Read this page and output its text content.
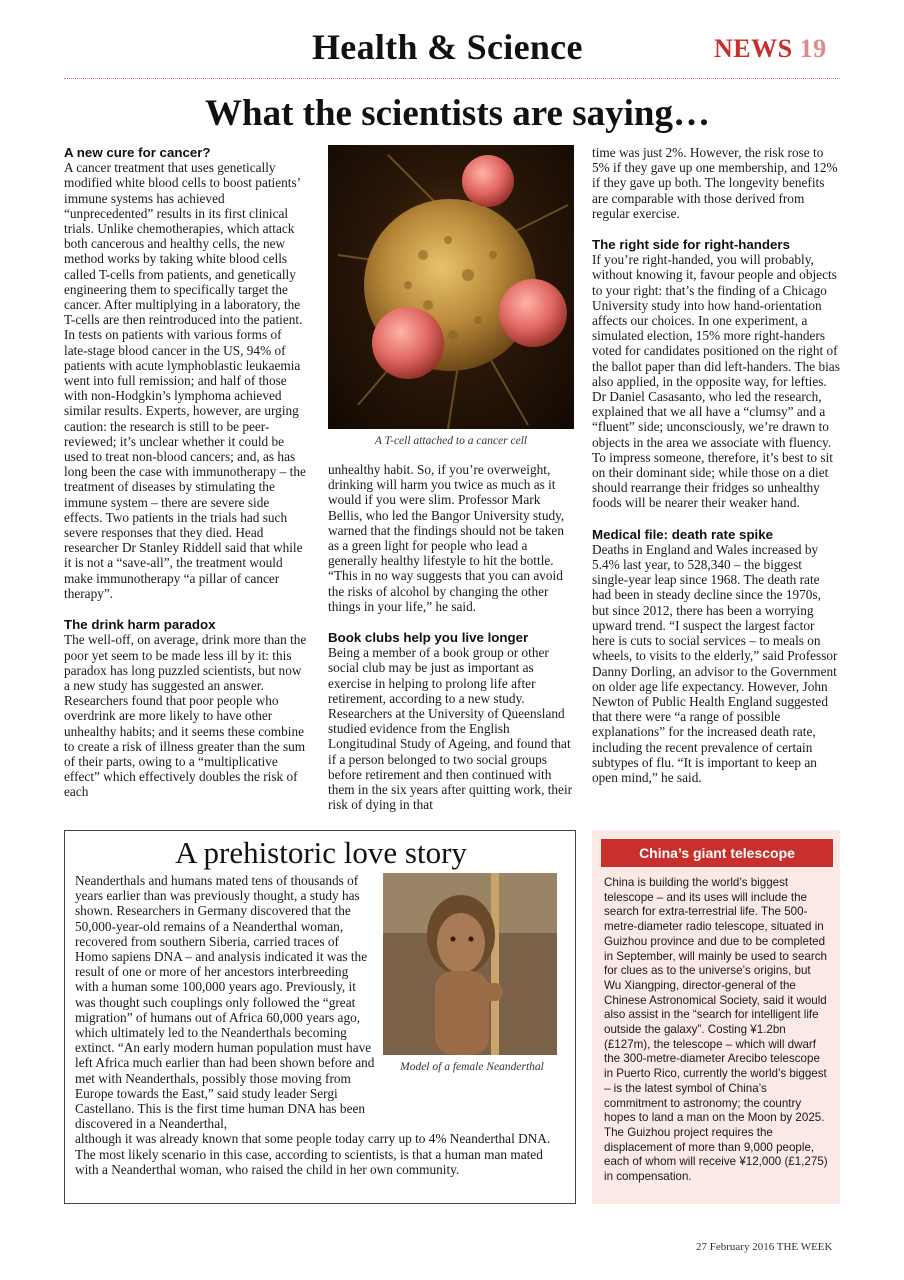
Health & Science	NEWS 19
What the scientists are saying…
A new cure for cancer?

A cancer treatment that uses genetically modified white blood cells to boost patients’ immune systems has achieved “unprecedented” results in its first clinical trials. Unlike chemotherapies, which attack both cancerous and healthy cells, the new method works by taking white blood cells called T-cells from patients, and genetically engineering them to specifically target the cancer. After multiplying in a laboratory, the T-cells are then reintroduced into the patient. In tests on patients with various forms of late-stage blood cancer in the US, 94% of patients with acute lymphoblastic leukaemia went into full remission; and half of those with non-Hodgkin’s lymphoma achieved similar results. Experts, however, are urging caution: the research is still to be peer-reviewed; it’s unclear whether it could be used to treat non-blood cancers; and, as has long been the case with immunotherapy – the treatment of diseases by stimulating the immune system – there are severe side effects. Two patients in the trials had such severe responses that they died. Head researcher Dr Stanley Riddell said that while it is not a “save-all”, the treatment would make immunotherapy “a pillar of cancer therapy”.

The drink harm paradox

The well-off, on average, drink more than the poor yet seem to be made less ill by it: this paradox has long puzzled scientists, but now a new study has suggested an answer. Researchers found that poor people who overdrink are more likely to have other unhealthy habits; and it seems these combine to create a risk of illness greater than the sum of their parts, owing to a “multiplicative effect” which effectively doubles the risk of each

A T-cell attached to a cancer cell

unhealthy habit. So, if you’re overweight, drinking will harm you twice as much as it would if you were slim. Professor Mark Bellis, who led the Bangor University study, warned that the findings should not be taken as a green light for people who lead a generally healthy lifestyle to hit the bottle. “This in no way suggests that you can avoid the risks of alcohol by changing the other things in your life,” he said.

Book clubs help you live longer

Being a member of a book group or other social club may be just as important as exercise in helping to prolong life after retirement, according to a new study. Researchers at the University of Queensland studied evidence from the English Longitudinal Study of Ageing, and found that if a person belonged to two social groups before retirement and then continued with them in the six years after quitting work, their risk of dying in that

time was just 2%. However, the risk rose to 5% if they gave up one membership, and 12% if they gave up both. The longevity benefits are comparable with those derived from regular exercise.

The right side for right-handers

If you’re right-handed, you will probably, without knowing it, favour people and objects to your right: that’s the finding of a Chicago University study into how hand-orientation affects our choices. In one experiment, a simulated election, 15% more right-handers voted for candidates positioned on the right of the ballot paper than did left-handers. The bias also applied, in the opposite way, for lefties. Dr Daniel Casasanto, who led the research, explained that we all have a “clumsy” and a “fluent” side; unconsciously, we’re drawn to objects in the area we associate with fluency. To impress someone, therefore, it’s best to sit on their dominant side; while those on a diet should rearrange their fridges so unhealthy foods will be nearer their weaker hand.

Medical file: death rate spike

Deaths in England and Wales increased by 5.4% last year, to 528,340 – the biggest single-year leap since 1968. The death rate had been in steady decline since the 1970s, but since 2012, there has been a worrying upward trend. “I suspect the largest factor here is cuts to social services – to meals on wheels, to visits to the elderly,” said Professor Danny Dorling, an advisor to the Government on older age life expectancy. However, John Newton of Public Health England suggested that there were “a range of possible explanations” for the increased death rate, including the recent prevalence of certain subtypes of flu. “It is important to keep an open mind,” he said.

A prehistoric love story
Model of a female Neanderthal

Neanderthals and humans mated tens of thousands of years earlier than was previously thought, a study has shown. Researchers in Germany discovered that the 50,000-year-old remains of a Neanderthal woman, recovered from southern Siberia, carried traces of Homo sapiens DNA – and analysis indicated it was the result of one or more of her ancestors interbreeding with a human some 100,000 years ago. Previously, it was thought such couplings only followed the “great migration” of humans out of Africa 60,000 years ago, which ultimately led to the Neanderthals becoming extinct. “An early modern human population must have left Africa much earlier than had been shown before and met with Neanderthals, possibly those moving from Europe towards the East,” said study leader Sergi Castellano. This is the first time human DNA has been discovered in a Neanderthal,

although it was already known that some people today carry up to 4% Neanderthal DNA. The most likely scenario in this case, according to scientists, is that a human man mated with a Neanderthal woman, who raised the child in her own community.

China’s giant telescope

China is building the world’s biggest telescope – and its uses will include the search for extra-terrestrial life. The 500-metre-diameter radio telescope, situated in Guizhou province and due to be completed in September, will mainly be used to search for clues as to the universe’s origins, but Wu Xiangping, director-general of the Chinese Astronomical Society, said it would also assist in the “search for intelligent life outside the galaxy”. Costing ¥1.2bn (£127m), the telescope – which will dwarf the 300-metre-diameter Arecibo telescope in Puerto Rico, currently the world’s biggest – is the latest symbol of China’s commitment to astronomy; the country hopes to land a man on the Moon by 2025. The Guizhou project requires the displacement of more than 9,000 people, each of whom will receive ¥12,000 (£1,275) in compensation.

27 February 2016 THE WEEK
